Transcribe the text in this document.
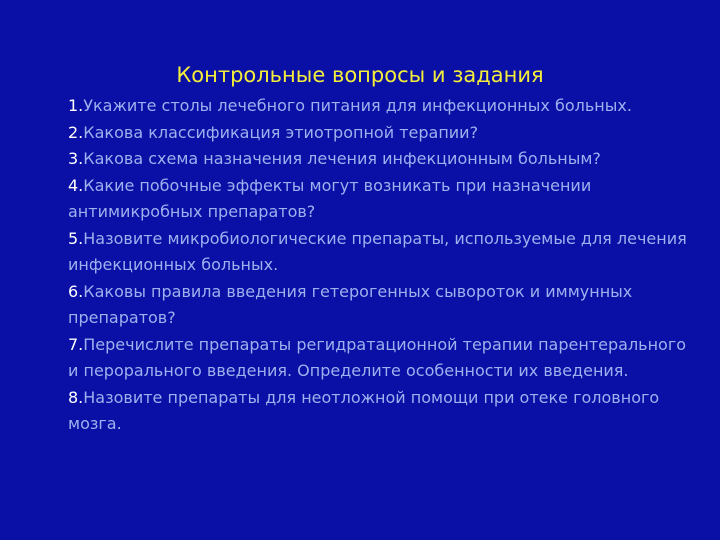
Контрольные вопросы и задания
1.Укажите столы лечебного питания для инфекционных больных.
2.Какова классификация этиотропной терапии?
3.Какова схема назначения лечения инфекционным больным?
4.Какие побочные эффекты могут возникать при назначении антимикробных препаратов?
5.Назовите микробиологические препараты, используемые для лечения инфекционных больных.
6.Каковы правила введения гетерогенных сывороток и иммунных препаратов?
7.Перечислите препараты регидратационной терапии парентерального и перорального введения. Определите особенности их введения.
8.Назовите препараты для неотложной помощи при отеке головного мозга.
